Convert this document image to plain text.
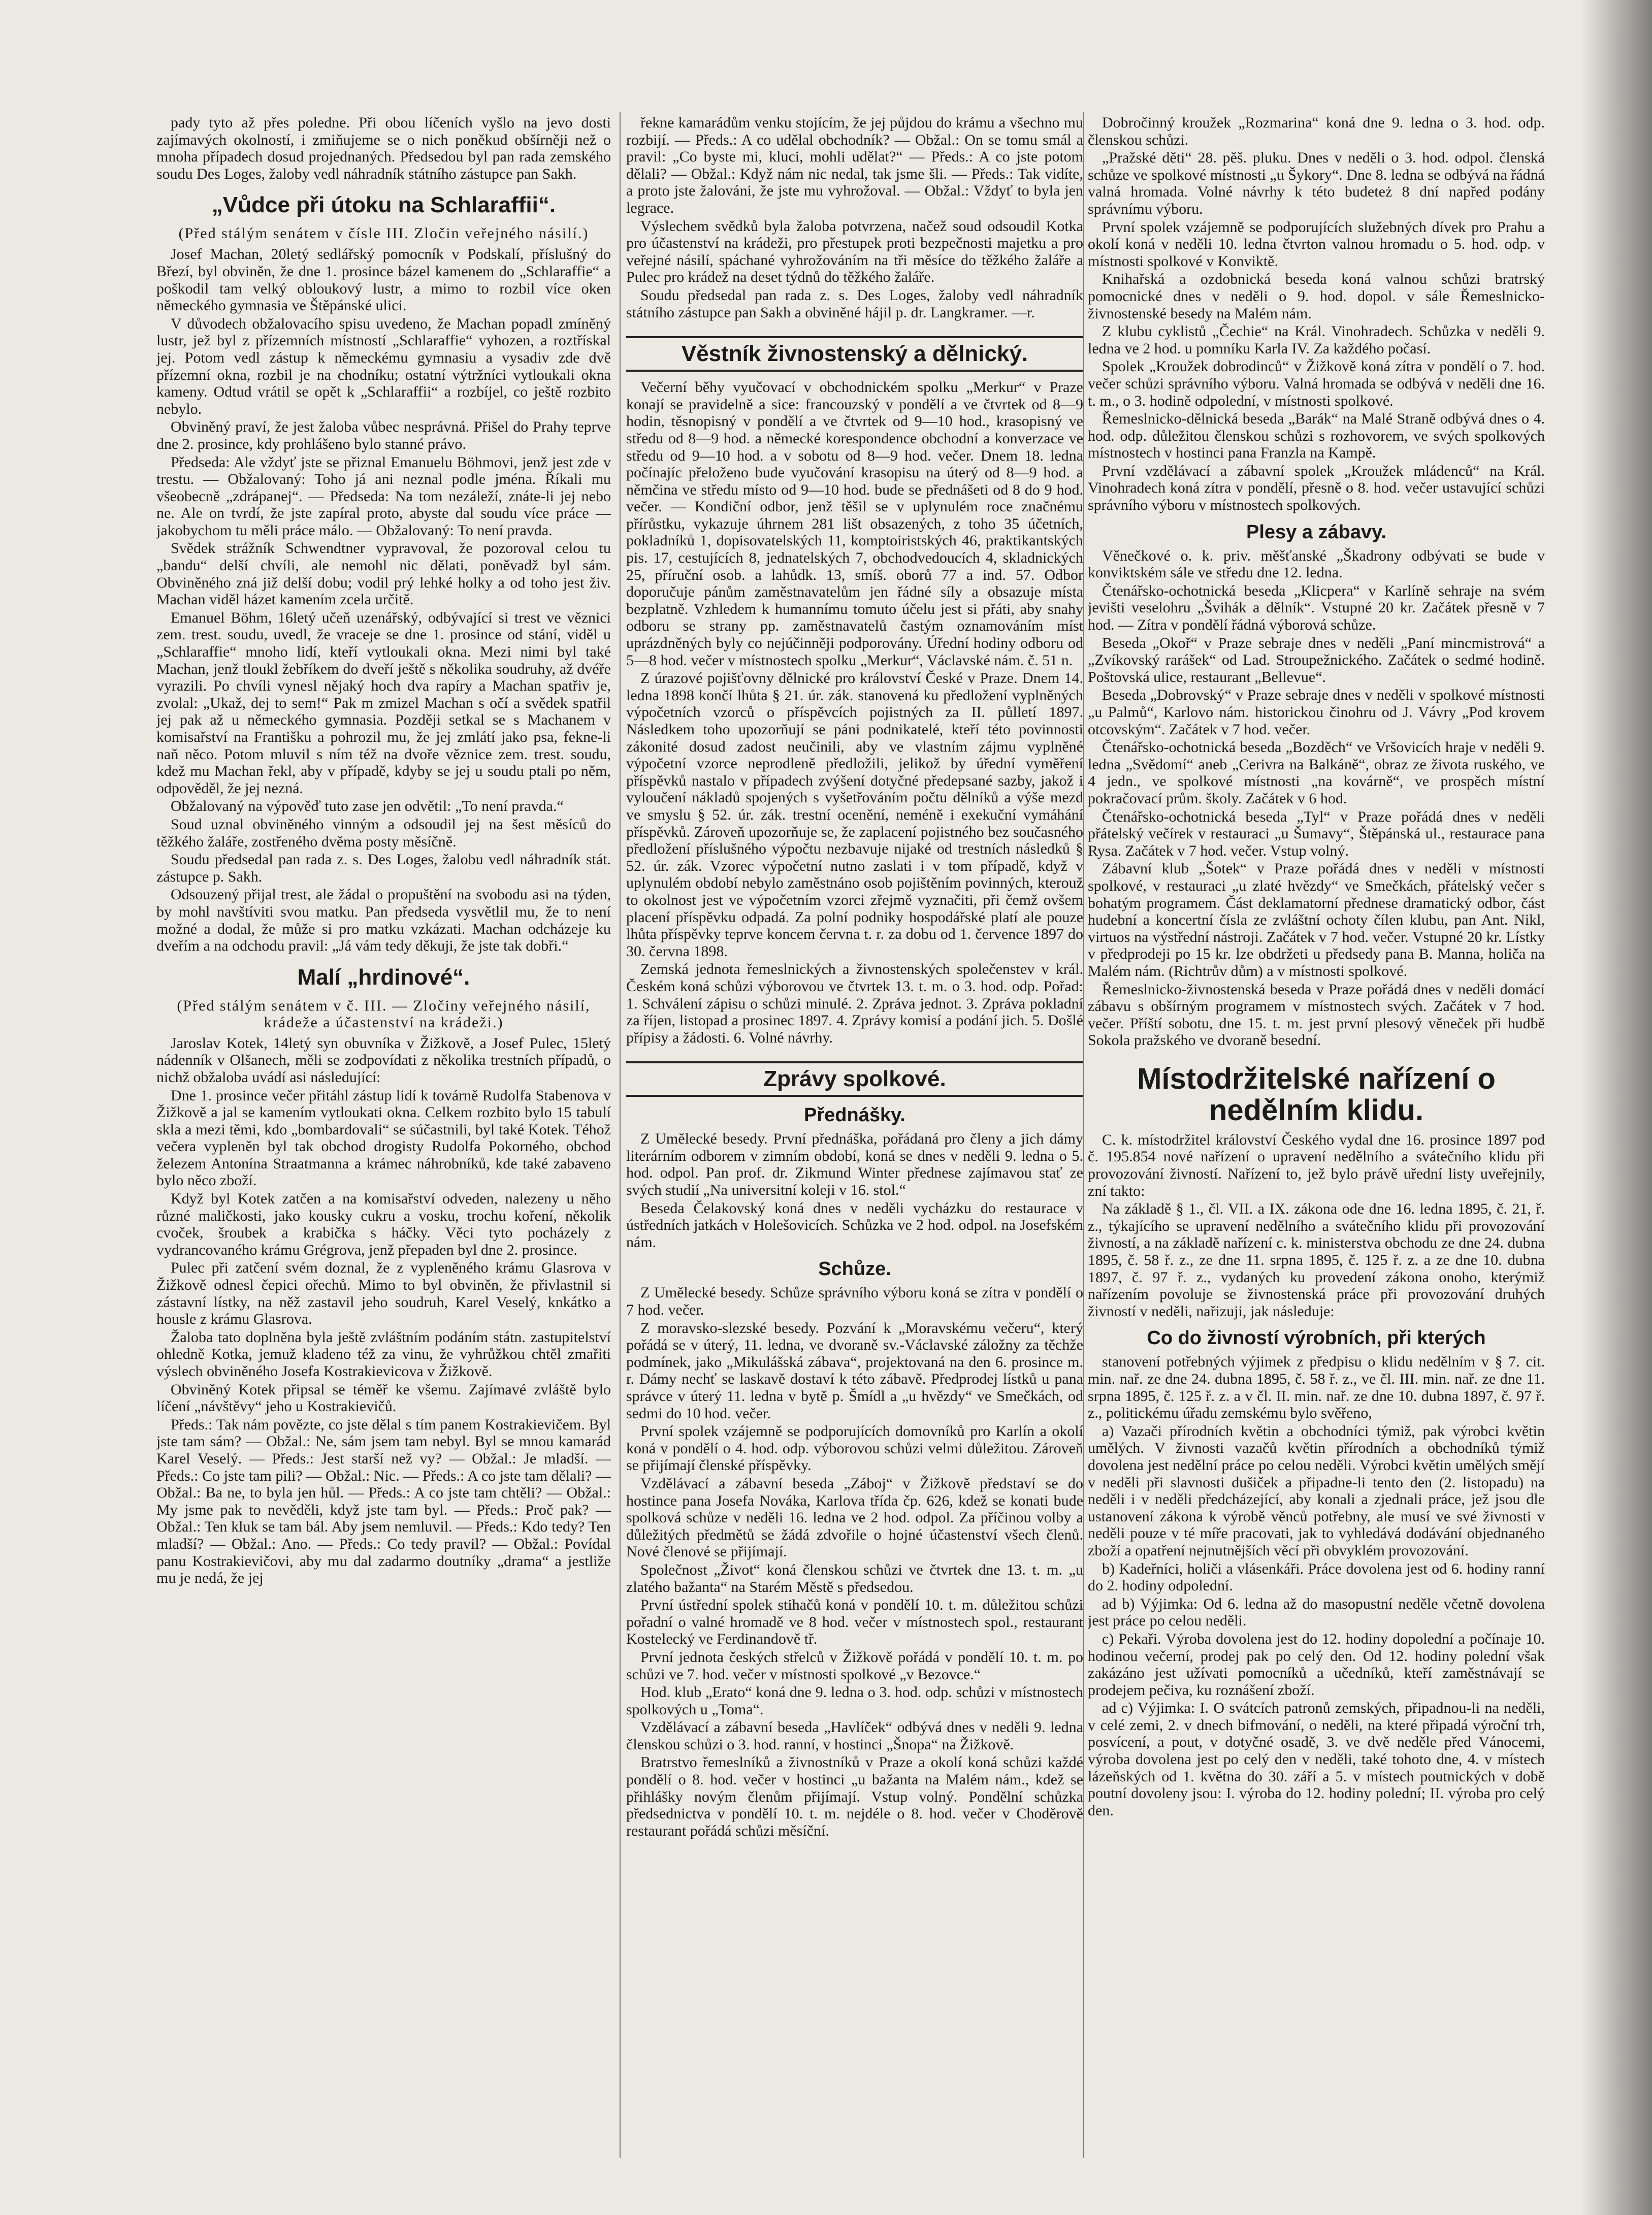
pady tyto až přes poledne. Při obou líčeních vyšlo na jevo dosti zajímavých okolností, i zmiňujeme se o nich poněkud obšírněji než o mnoha případech dosud projednaných. Předsedou byl pan rada zemského soudu Des Loges, žaloby vedl náhradník státního zástupce pan Sakh.

„Vůdce při útoku na Schlaraffii“.
(Před stálým senátem v čísle III. Zločin veřejného násilí.)

Josef Machan, 20letý sedlářský pomocník v Podskalí, příslušný do Březí, byl obviněn, že dne 1. prosince bázel kamenem do „Schlaraffie“ a poškodil tam velký obloukový lustr, a mimo to rozbil více oken německého gymnasia ve Štěpánské ulici.

V důvodech obžalovacího spisu uvedeno, že Machan popadl zmíněný lustr, jež byl z přízemních místností „Schlaraffie“ vyhozen, a roztřískal jej. Potom vedl zástup k německému gymnasiu a vysadiv zde dvě přízemní okna, rozbil je na chodníku; ostatní výtržníci vytloukali okna kameny. Odtud vrátil se opět k „Schlaraffii“ a rozbíjel, co ještě rozbito nebylo.

Obviněný praví, že jest žaloba vůbec nesprávná. Přišel do Prahy teprve dne 2. prosince, kdy prohlášeno bylo stanné právo.

Předseda: Ale vždyť jste se přiznal Emanuelu Böhmovi, jenž jest zde v trestu. — Obžalovaný: Toho já ani neznal podle jména. Říkali mu všeobecně „zdrápanej“. — Předseda: Na tom nezáleží, znáte-li jej nebo ne. Ale on tvrdí, že jste zapíral proto, abyste dal soudu více práce — jakobychom tu měli práce málo. — Obžalovaný: To není pravda.

Svědek strážník Schwendtner vypravoval, že pozoroval celou tu „bandu“ delší chvíli, ale nemohl nic dělati, poněvadž byl sám. Obviněného zná již delší dobu; vodil prý lehké holky a od toho jest živ. Machan viděl házet kamením zcela určitě.

Emanuel Böhm, 16letý učeň uzenářský, odbývající si trest ve věznici zem. trest. soudu, uvedl, že vraceje se dne 1. prosince od stání, viděl u „Schlaraffie“ mnoho lidí, kteří vytloukali okna. Mezi nimi byl také Machan, jenž tloukl žebříkem do dveří ještě s několika soudruhy, až dvéře vyrazili. Po chvíli vynesl nějaký hoch dva rapíry a Machan spatřiv je, zvolal: „Ukaž, dej to sem!“ Pak m zmizel Machan s očí a svědek spatřil jej pak až u německého gymnasia. Později setkal se s Machanem v komisařství na Františku a pohrozil mu, že jej zmlátí jako psa, fekne-li naň něco. Potom mluvil s ním též na dvoře věznice zem. trest. soudu, kdež mu Machan řekl, aby v případě, kdyby se jej u soudu ptali po něm, odpověděl, že jej nezná.

Obžalovaný na výpověď tuto zase jen odvětil: „To není pravda.“

Soud uznal obviněného vinným a odsoudil jej na šest měsíců do těžkého žaláře, zostřeného dvěma posty měsíčně.

Soudu předsedal pan rada z. s. Des Loges, žalobu vedl náhradník stát. zástupce p. Sakh.

Odsouzený přijal trest, ale žádal o propuštění na svobodu asi na týden, by mohl navštíviti svou matku. Pan předseda vysvětlil mu, že to není možné a dodal, že může si pro matku vzkázati. Machan odcházeje ku dveřím a na odchodu pravil: „Já vám tedy děkuji, že jste tak dobři.“

Malí „hrdinové“.
(Před stálým senátem v č. III. — Zločiny veřejného násilí, krádeže a účastenství na krádeži.)

Jaroslav Kotek, 14letý syn obuvníka v Žižkově, a Josef Pulec, 15letý nádenník v Olšanech, měli se zodpovídati z několika trestních případů, o nichž obžaloba uvádí asi následující:

Dne 1. prosince večer přitáhl zástup lidí k továrně Rudolfa Stabenova v Žižkově a jal se kamením vytloukati okna. Celkem rozbito bylo 15 tabulí skla a mezi těmi, kdo „bombardovali“ se súčastnili, byl také Kotek. Téhož večera vypleněn byl tak obchod drogisty Rudolfa Pokorného, obchod železem Antonína Straatmanna a krámec náhrobníků, kde také zabaveno bylo něco zboží.

Když byl Kotek zatčen a na komisařství odveden, nalezeny u něho různé maličkosti, jako kousky cukru a vosku, trochu koření, několik cvoček, šroubek a krabička s háčky. Věci tyto pocházely z vydrancovaného krámu Grégrova, jenž přepaden byl dne 2. prosince.

Pulec při zatčení svém doznal, že z vypleněného krámu Glasrova v Žižkově odnesl čepici ořechů. Mimo to byl obviněn, že přivlastnil si zástavní lístky, na něž zastavil jeho soudruh, Karel Veselý, knkátko a housle z krámu Glasrova.

Žaloba tato doplněna byla ještě zvláštním podáním státn. zastupitelství ohledně Kotka, jemuž kladeno též za vinu, že vyhrůžkou chtěl zmařiti výslech obviněného Josefa Kostrakievicova v Žižkově.

Obviněný Kotek připsal se téměř ke všemu. Zajímavé zvláště bylo líčení „návštěvy“ jeho u Kostrakievičů.

Předs.: Tak nám povězte, co jste dělal s tím panem Kostrakievičem. Byl jste tam sám? — Obžal.: Ne, sám jsem tam nebyl. Byl se mnou kamarád Karel Veselý. — Předs.: Jest starší než vy? — Obžal.: Je mladší. — Předs.: Co jste tam pili? — Obžal.: Nic. — Předs.: A co jste tam dělali? — Obžal.: Ba ne, to byla jen hůl. — Předs.: A co jste tam chtěli? — Obžal.: My jsme pak to nevěděli, když jste tam byl. — Předs.: Proč pak? — Obžal.: Ten kluk se tam bál. Aby jsem nemluvil. — Předs.: Kdo tedy? Ten mladší? — Obžal.: Ano. — Předs.: Co tedy pravil? — Obžal.: Povídal panu Kostrakievičovi, aby mu dal zadarmo doutníky „drama“ a jestliže mu je nedá, že jej

řekne kamarádům venku stojícím, že jej půjdou do krámu a všechno mu rozbijí. — Předs.: A co udělal obchodník? — Obžal.: On se tomu smál a pravil: „Co byste mi, kluci, mohli udělat?“ — Předs.: A co jste potom dělali? — Obžal.: Když nám nic nedal, tak jsme šli. — Předs.: Tak vidíte, a proto jste žalováni, že jste mu vyhrožoval. — Obžal.: Vždyť to byla jen legrace.

Výslechem svědků byla žaloba potvrzena, načež soud odsoudil Kotka pro účastenství na krádeži, pro přestupek proti bezpečnosti majetku a pro veřejné násilí, spáchané vyhrožováním na tři měsíce do těžkého žaláře a Pulec pro krádež na deset týdnů do těžkého žaláře.

Soudu předsedal pan rada z. s. Des Loges, žaloby vedl náhradník státního zástupce pan Sakh a obviněné hájil p. dr. Langkramer. —r.

Věstník živnostenský a dělnický.

Večerní běhy vyučovací v obchodnickém spolku „Merkur“ v Praze konají se pravidelně a sice: francouzský v pondělí a ve čtvrtek od 8—9 hodin, těsnopisný v pondělí a ve čtvrtek od 9—10 hod., krasopisný ve středu od 8—9 hod. a německé korespondence obchodní a konverzace ve středu od 9—10 hod. a v sobotu od 8—9 hod. večer. Dnem 18. ledna počínajíc přeloženo bude vyučování krasopisu na úterý od 8—9 hod. a němčina ve středu místo od 9—10 hod. bude se přednášeti od 8 do 9 hod. večer. — Kondiční odbor, jenž těšil se v uplynulém roce značnému přírůstku, vykazuje úhrnem 281 lišt obsazených, z toho 35 účetních, pokladníků 1, dopisovatelských 11, komptoiristských 46, praktikantských pis. 17, cestujících 8, jednatelských 7, obchodvedoucích 4, skladnických 25, příruční osob. a lahůdk. 13, smíš. oborů 77 a ind. 57. Odbor doporučuje pánům zaměstnavatelům jen řádné síly a obsazuje místa bezplatně. Vzhledem k humannímu tomuto účelu jest si přáti, aby snahy odboru se strany pp. zaměstnavatelů častým oznamováním míst uprázdněných byly co nejúčinněji podporovány. Úřední hodiny odboru od 5—8 hod. večer v místnostech spolku „Merkur“, Václavské nám. č. 51 n.

Z úrazové pojišťovny dělnické pro království České v Praze. Dnem 14. ledna 1898 končí lhůta § 21. úr. zák. stanovená ku předložení vyplněných výpočetních vzorců o příspěvcích pojistných za II. půlletí 1897. Následkem toho upozorňují se páni podnikatelé, kteří této povinnosti zákonité dosud zadost neučinili, aby ve vlastním zájmu vyplněné výpočetní vzorce neprodleně předložili, jelikož by úřední vyměření příspěvků nastalo v případech zvýšení dotyčné předepsané sazby, jakož i vyloučení nákladů spojených s vyšetřováním počtu dělníků a výše mezd ve smyslu § 52. úr. zák. trestní ocenění, neméně i exekuční vymáhání příspěvků. Zároveň upozorňuje se, že zaplacení pojistného bez současného předložení příslušného výpočtu nezbavuje nijaké od trestních následků § 52. úr. zák. Vzorec výpočetní nutno zaslati i v tom případě, když v uplynulém období nebylo zaměstnáno osob pojištěním povinných, kterouž to okolnost jest ve výpočetním vzorci zřejmě vyznačiti, při čemž ovšem placení příspěvku odpadá. Za polní podniky hospodářské platí ale pouze lhůta příspěvky teprve koncem června t. r. za dobu od 1. července 1897 do 30. června 1898.

Zemská jednota řemeslnických a živnostenských společenstev v král. Českém koná schůzi výborovou ve čtvrtek 13. t. m. o 3. hod. odp. Pořad: 1. Schválení zápisu o schůzi minulé. 2. Zpráva jednot. 3. Zpráva pokladní za říjen, listopad a prosinec 1897. 4. Zprávy komisí a podání jich. 5. Došlé přípisy a žádosti. 6. Volné návrhy.

Zprávy spolkové.
Přednášky.

Z Umělecké besedy. První přednáška, pořádaná pro členy a jich dámy literárním odborem v zimním období, koná se dnes v neděli 9. ledna o 5. hod. odpol. Pan prof. dr. Zikmund Winter přednese zajímavou stať ze svých studií „Na universitní koleji v 16. stol.“

Beseda Čelakovský koná dnes v neděli vycházku do restaurace v ústředních jatkách v Holešovicích. Schůzka ve 2 hod. odpol. na Josefském nám.

Schůze.

Z Umělecké besedy. Schůze správního výboru koná se zítra v pondělí o 7 hod. večer.

Z moravsko-slezské besedy. Pozvání k „Moravskému večeru“, který pořádá se v úterý, 11. ledna, ve dvoraně sv.-Václavské záložny za těchže podmínek, jako „Mikulášská zábava“, projektovaná na den 6. prosince m. r. Dámy nechť se laskavě dostaví k této zábavě. Předprodej lístků u pana správce v úterý 11. ledna v bytě p. Šmídl a „u hvězdy“ ve Smečkách, od sedmi do 10 hod. večer.

První spolek vzájemně se podporujících domovníků pro Karlín a okolí koná v pondělí o 4. hod. odp. výborovou schůzi velmi důležitou. Zároveň se přijímají členské příspěvky.

Vzdělávací a zábavní beseda „Záboj“ v Žižkově představí se do hostince pana Josefa Nováka, Karlova třída čp. 626, kdež se konati bude spolková schůze v neděli 16. ledna ve 2 hod. odpol. Za příčinou volby a důležitých předmětů se žádá zdvořile o hojné účastenství všech členů. Nové členové se přijímají.

Společnost „Život“ koná členskou schůzi ve čtvrtek dne 13. t. m. „u zlatého bažanta“ na Starém Městě s předsedou.

První ústřední spolek stihačů koná v pondělí 10. t. m. důležitou schůzi pořadní o valné hromadě ve 8 hod. večer v místnostech spol., restaurant Kostelecký ve Ferdinandově tř.

První jednota českých střelců v Žižkově pořádá v pondělí 10. t. m. po schůzi ve 7. hod. večer v místnosti spolkové „v Bezovce.“

Hod. klub „Erato“ koná dne 9. ledna o 3. hod. odp. schůzi v místnostech spolkových u „Toma“.

Vzdělávací a zábavní beseda „Havlíček“ odbývá dnes v neděli 9. ledna členskou schůzi o 3. hod. ranní, v hostinci „Šnopa“ na Žižkově.

Bratrstvo řemeslníků a živnostníků v Praze a okolí koná schůzi každé pondělí o 8. hod. večer v hostinci „u bažanta na Malém nám., kdež se přihlášky novým členům přijímají. Vstup volný. Pondělní schůzka předsednictva v pondělí 10. t. m. nejdéle o 8. hod. večer v Choděrově restaurant pořádá schůzi měsíční.

Dobročinný kroužek „Rozmarina“ koná dne 9. ledna o 3. hod. odp. členskou schůzi.

„Pražské děti“ 28. pěš. pluku. Dnes v neděli o 3. hod. odpol. členská schůze ve spolkové místnosti „u Šykory“. Dne 8. ledna se odbývá na řádná valná hromada. Volné návrhy k této budeteż 8 dní napřed podány správnímu výboru.

První spolek vzájemně se podporujících služebných dívek pro Prahu a okolí koná v neděli 10. ledna čtvrton valnou hromadu o 5. hod. odp. v místnosti spolkové v Konviktě.

Knihařská a ozdobnická beseda koná valnou schůzi bratrský pomocnické dnes v neděli o 9. hod. dopol. v sále Řemeslnicko-živnostenské besedy na Malém nám.

Z klubu cyklistů „Čechie“ na Král. Vinohradech. Schůzka v neděli 9. ledna ve 2 hod. u pomníku Karla IV. Za každého počasí.

Spolek „Kroužek dobrodinců“ v Žižkově koná zítra v pondělí o 7. hod. večer schůzi správního výboru. Valná hromada se odbývá v neděli dne 16. t. m., o 3. hodině odpolední, v místnosti spolkové.

Řemeslnicko-dělnická beseda „Barák“ na Malé Straně odbývá dnes o 4. hod. odp. důležitou členskou schůzi s rozhovorem, ve svých spolkových místnostech v hostinci pana Franzla na Kampě.

První vzdělávací a zábavní spolek „Kroužek mládenců“ na Král. Vinohradech koná zítra v pondělí, přesně o 8. hod. večer ustavující schůzi správního výboru v místnostech spolkových.

Plesy a zábavy.

Věnečkové o. k. priv. měšťanské „Škadrony odbývati se bude v konviktském sále ve středu dne 12. ledna.

Čtenářsko-ochotnická beseda „Klicpera“ v Karlíně sehraje na svém jevišti veselohru „Švihák a dělník“. Vstupné 20 kr. Začátek přesně v 7 hod. — Zítra v pondělí řádná výborová schůze.

Beseda „Okoř“ v Praze sebraje dnes v neděli „Paní mincmistrová“ a „Zvíkovský rarášek“ od Lad. Stroupežnického. Začátek o sedmé hodině. Poštovská ulice, restaurant „Bellevue“.

Beseda „Dobrovský“ v Praze sebraje dnes v neděli v spolkové místnosti „u Palmů“, Karlovo nám. historickou činohru od J. Vávry „Pod krovem otcovským“. Začátek v 7 hod. večer.

Čtenářsko-ochotnická beseda „Bozděch“ ve Vršovicích hraje v neděli 9. ledna „Svědomí“ aneb „Cerivra na Balkáně“, obraz ze života ruského, ve 4 jedn., ve spolkové místnosti „na kovárně“, ve prospěch místní pokračovací prům. školy. Začátek v 6 hod.

Čtenářsko-ochotnická beseda „Tyl“ v Praze pořádá dnes v neděli přátelský večírek v restauraci „u Šumavy“, Štěpánská ul., restaurace pana Rysa. Začátek v 7 hod. večer. Vstup volný.

Zábavní klub „Šotek“ v Praze pořádá dnes v neděli v místnosti spolkové, v restauraci „u zlaté hvězdy“ ve Smečkách, přátelský večer s bohatým programem. Část deklamatorní přednese dramatický odbor, část hudební a koncertní čísla ze zvláštní ochoty čílen klubu, pan Ant. Nikl, virtuos na výstřední nástroji. Začátek v 7 hod. večer. Vstupné 20 kr. Lístky v předprodeji po 15 kr. lze obdržeti u předsedy pana B. Manna, holiča na Malém nám. (Richtrův dům) a v místnosti spolkové.

Řemeslnicko-živnostenská beseda v Praze pořádá dnes v neděli domácí zábavu s obšírným programem v místnostech svých. Začátek v 7 hod. večer. Příští sobotu, dne 15. t. m. jest první plesový věneček při hudbě Sokola pražského ve dvoraně besední.

Místodržitelské nařízení o nedělním klidu.

C. k. místodržitel království Českého vydal dne 16. prosince 1897 pod č. 195.854 nové nařízení o upravení nedělního a svátečního klidu při provozování živností. Nařízení to, jež bylo právě uřední listy uveřejnily, zní takto:

Na základě § 1., čl. VII. a IX. zákona ode dne 16. ledna 1895, č. 21, ř. z., týkajícího se upravení nedělního a svátečního klidu při provozování živností, a na základě nařízení c. k. ministerstva obchodu ze dne 24. dubna 1895, č. 58 ř. z., ze dne 11. srpna 1895, č. 125 ř. z. a ze dne 10. dubna 1897, č. 97 ř. z., vydaných ku provedení zákona onoho, kterýmiž nařízením povoluje se živnostenská práce při provozování druhých živností v neděli, nařizuji, jak následuje:

Co do živností výrobních, při kterých

stanovení potřebných výjimek z předpisu o klidu nedělním v § 7. cit. min. nař. ze dne 24. dubna 1895, č. 58 ř. z., ve čl. III. min. nař. ze dne 11. srpna 1895, č. 125 ř. z. a v čl. II. min. nař. ze dne 10. dubna 1897, č. 97 ř. z., politickému úřadu zemskému bylo svěřeno,

a) Vazači přírodních květin a obchodníci týmiž, pak výrobci květin umělých. V živnosti vazačů květin přírodních a obchodníků týmiž dovolena jest nedělní práce po celou neděli. Výrobci květin umělých smějí v neděli při slavnosti dušiček a připadne-li tento den (2. listopadu) na neděli i v neděli předcházející, aby konali a zjednali práce, jež jsou dle ustanovení zákona k výrobě věnců potřebny, ale musí ve své živnosti v neděli pouze v té míře pracovati, jak to vyhledává dodávání objednaného zboží a opatření nejnutnějších věcí při obvyklém provozování.

b) Kadeřníci, holiči a vlásenkáři. Práce dovolena jest od 6. hodiny ranní do 2. hodiny odpolední.

ad b) Výjimka: Od 6. ledna až do masopustní neděle včetně dovolena jest práce po celou neděli.

c) Pekaři. Výroba dovolena jest do 12. hodiny dopolední a počínaje 10. hodinou večerní, prodej pak po celý den. Od 12. hodiny polední však zakázáno jest užívati pomocníků a učedníků, kteří zaměstnávají se prodejem pečiva, ku roznášení zboží.

ad c) Výjimka: I. O svátcích patronů zemských, připadnou-li na neděli, v celé zemi, 2. v dnech bifmování, o neděli, na které připadá výroční trh, posvícení, a pout, v dotyčné osadě, 3. ve dvě neděle před Vánocemi, výroba dovolena jest po celý den v neděli, také tohoto dne, 4. v místech lázeňských od 1. května do 30. září a 5. v místech poutnických v době poutní dovoleny jsou: I. výroba do 12. hodiny polední; II. výroba pro celý den.
